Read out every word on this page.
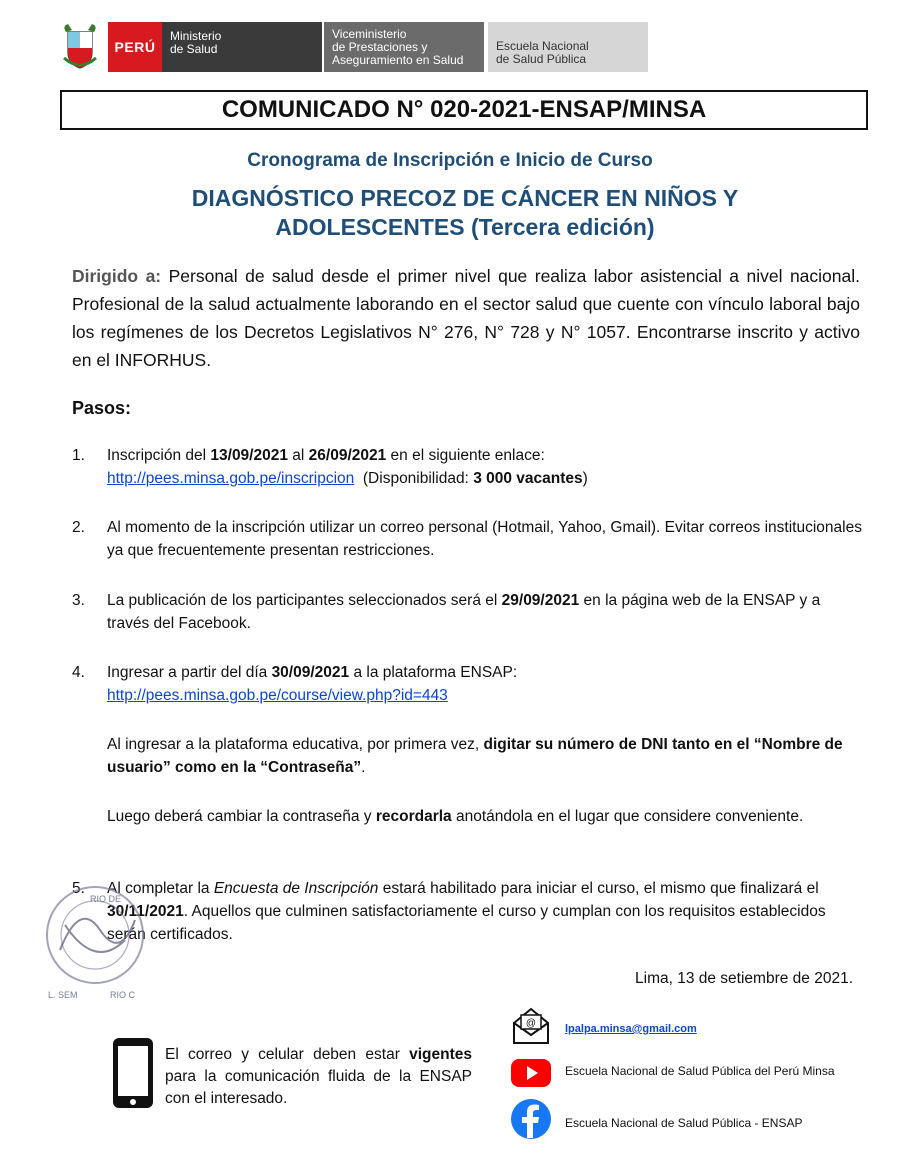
PERÚ
Ministerio
de Salud
Viceministerio
de Prestaciones y
Aseguramiento en Salud
Escuela Nacional
de Salud Pública
COMUNICADO N° 020-2021-ENSAP/MINSA
Cronograma de Inscripción e Inicio de Curso
DIAGNÓSTICO PRECOZ DE CÁNCER EN NIÑOS Y ADOLESCENTES (Tercera edición)
Dirigido a: Personal de salud desde el primer nivel que realiza labor asistencial a nivel nacional. Profesional de la salud actualmente laborando en el sector salud que cuente con vínculo laboral bajo los regímenes de los Decretos Legislativos N° 276, N° 728 y N° 1057. Encontrarse inscrito y activo en el INFORHUS.
Pasos:
1.	Inscripción del 13/09/2021 al 26/09/2021 en el siguiente enlace:
http://pees.minsa.gob.pe/inscripcion  (Disponibilidad: 3 000 vacantes)
2.	Al momento de la inscripción utilizar un correo personal (Hotmail, Yahoo, Gmail). Evitar correos institucionales ya que frecuentemente presentan restricciones.
3.	La publicación de los participantes seleccionados será el 29/09/2021 en la página web de la ENSAP y a través del Facebook.
4.	Ingresar a partir del día 30/09/2021 a la plataforma ENSAP:
http://pees.minsa.gob.pe/course/view.php?id=443
Al ingresar a la plataforma educativa, por primera vez, digitar su número de DNI tanto en el “Nombre de usuario” como en la “Contraseña”.
Luego deberá cambiar la contraseña y recordarla anotándola en el lugar que considere conveniente.
5.	Al completar la Encuesta de Inscripción estará habilitado para iniciar el curso, el mismo que finalizará el 30/11/2021. Aquellos que culminen satisfactoriamente el curso y cumplan con los requisitos establecidos serán certificados.
RIO DE
L. SEM	RIO C
Lima, 13 de setiembre de 2021.
El correo y celular deben estar vigentes para la comunicación fluida de la ENSAP con el interesado.
@	lpalpa.minsa@gmail.com
Escuela Nacional de Salud Pública del Perú Minsa
Escuela Nacional de Salud Pública - ENSAP
